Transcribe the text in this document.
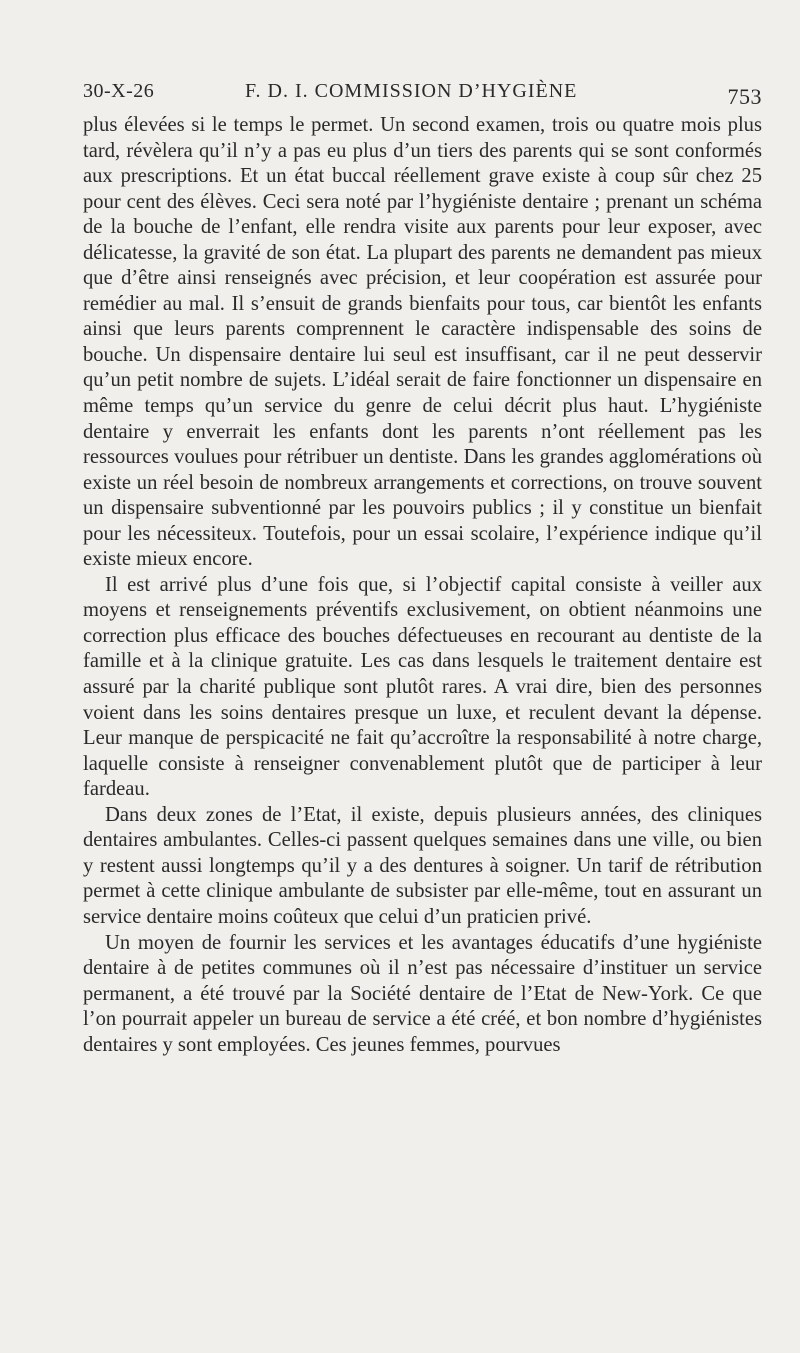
30-X-26	F. D. I. COMMISSION D’HYGIÈNE	753

plus élevées si le temps le permet. Un second examen, trois ou quatre mois plus tard, révèlera qu’il n’y a pas eu plus d’un tiers des parents qui se sont conformés aux prescriptions. Et un état buccal réellement grave existe à coup sûr chez 25 pour cent des élèves. Ceci sera noté par l’hygiéniste dentaire ; prenant un schéma de la bouche de l’enfant, elle rendra visite aux parents pour leur exposer, avec délicatesse, la gravité de son état. La plupart des parents ne demandent pas mieux que d’être ainsi renseignés avec précision, et leur coopération est assurée pour remédier au mal. Il s’ensuit de grands bienfaits pour tous, car bientôt les enfants ainsi que leurs parents comprennent le caractère indispensable des soins de bouche. Un dispensaire dentaire lui seul est insuffisant, car il ne peut desservir qu’un petit nombre de sujets. L’idéal serait de faire fonctionner un dispensaire en même temps qu’un service du genre de celui décrit plus haut. L’hygiéniste dentaire y enverrait les enfants dont les parents n’ont réellement pas les ressources voulues pour rétribuer un dentiste. Dans les grandes agglomérations où existe un réel besoin de nombreux arrangements et corrections, on trouve souvent un dispensaire subventionné par les pouvoirs publics ; il y constitue un bienfait pour les nécessiteux. Toutefois, pour un essai scolaire, l’expérience indique qu’il existe mieux encore.

Il est arrivé plus d’une fois que, si l’objectif capital consiste à veiller aux moyens et renseignements préventifs exclusivement, on obtient néanmoins une correction plus efficace des bouches défectueuses en recourant au dentiste de la famille et à la clinique gratuite. Les cas dans lesquels le traitement dentaire est assuré par la charité publique sont plutôt rares. A vrai dire, bien des personnes voient dans les soins dentaires presque un luxe, et reculent devant la dépense. Leur manque de perspicacité ne fait qu’accroître la responsabilité à notre charge, laquelle consiste à renseigner convenablement plutôt que de participer à leur fardeau.

Dans deux zones de l’Etat, il existe, depuis plusieurs années, des cliniques dentaires ambulantes. Celles-ci passent quelques semaines dans une ville, ou bien y restent aussi longtemps qu’il y a des dentures à soigner. Un tarif de rétribution permet à cette clinique ambulante de subsister par elle-même, tout en assurant un service dentaire moins coûteux que celui d’un praticien privé.

Un moyen de fournir les services et les avantages éducatifs d’une hygiéniste dentaire à de petites communes où il n’est pas nécessaire d’instituer un service permanent, a été trouvé par la Société dentaire de l’Etat de New-York. Ce que l’on pourrait appeler un bureau de service a été créé, et bon nombre d’hygiénistes dentaires y sont employées. Ces jeunes femmes, pourvues
